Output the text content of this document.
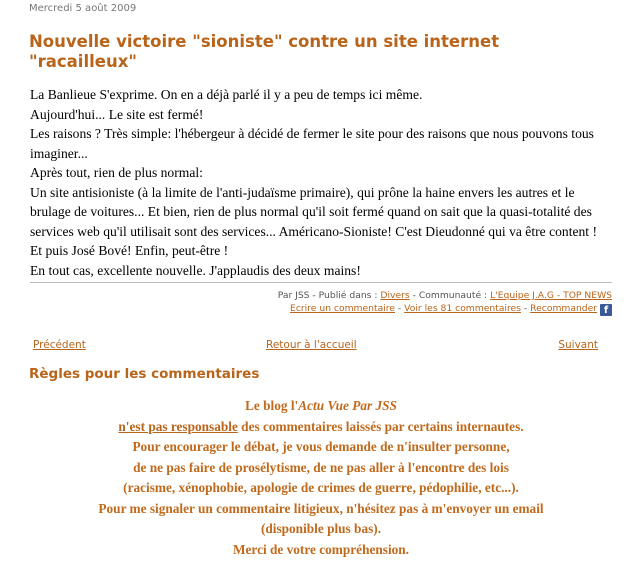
Mercredi 5 août 2009
Nouvelle victoire "sioniste" contre un site internet "racailleux"

La Banlieue S'exprime. On en a déjà parlé il y a peu de temps ici même.

Aujourd'hui... Le site est fermé!

Les raisons ? Très simple: l'hébergeur à décidé de fermer le site pour des raisons que nous pouvons tous imaginer...

Après tout, rien de plus normal:

Un site antisioniste (à la limite de l'anti-judaïsme primaire), qui prône la haine envers les autres et le brulage de voitures... Et bien, rien de plus normal qu'il soit fermé quand on sait que la quasi-totalité des services web qu'il utilisait sont des services... Américano-Sioniste! C'est Dieudonné qui va être content ! Et puis José Bové! Enfin, peut-être !

En tout cas, excellente nouvelle. J'applaudis des deux mains!

Par JSS - Publié dans : Divers - Communauté : L'Equipe J.A.G - TOP NEWS
Ecrire un commentaire - Voir les 81 commentaires - Recommander f
Précédent	Retour à l'accueil	Suivant
Règles pour les commentaires

Le blog l'Actu Vue Par JSS

n'est pas responsable des commentaires laissés par certains internautes.

Pour encourager le débat, je vous demande de n'insulter personne,

de ne pas faire de prosélytisme, de ne pas aller à l'encontre des lois

(racisme, xénophobie, apologie de crimes de guerre, pédophilie, etc...).

Pour me signaler un commentaire litigieux, n'hésitez pas à m'envoyer un email

(disponible plus bas).

Merci de votre compréhension.
